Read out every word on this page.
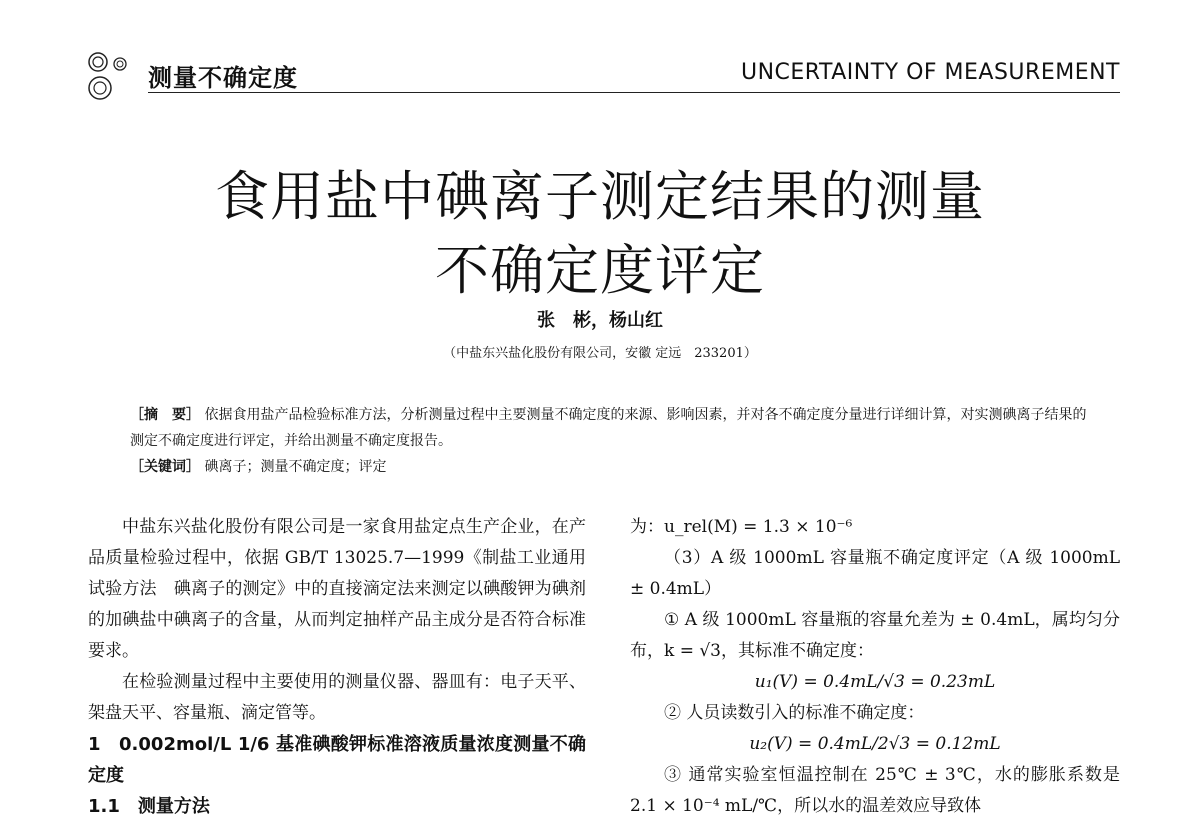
测量不确定度	UNCERTAINTY OF MEASUREMENT
食用盐中碘离子测定结果的测量
不确定度评定
张　彬，杨山红
（中盐东兴盐化股份有限公司，安徽 定远　233201）
［摘　要］ 依据食用盐产品检验标准方法，分析测量过程中主要测量不确定度的来源、影响因素，并对各不确定度分量进行详细计算，对实测碘离子结果的测定不确定度进行评定，并给出测量不确定度报告。
［关键词］ 碘离子；测量不确定度；评定

中盐东兴盐化股份有限公司是一家食用盐定点生产企业，在产品质量检验过程中，依据 GB/T 13025.7—1999《制盐工业通用试验方法　碘离子的测定》中的直接滴定法来测定以碘酸钾为碘剂的加碘盐中碘离子的含量，从而判定抽样产品主成分是否符合标准要求。

在检验测量过程中主要使用的测量仪器、器皿有：电子天平、架盘天平、容量瓶、滴定管等。

1　0.002mol/L 1/6 基准碘酸钾标准溶液质量浓度测量不确定度

1.1　测量方法

为：u_rel(M) = 1.3 × 10⁻⁶

（3）A 级 1000mL 容量瓶不确定度评定（A 级 1000mL ± 0.4mL）

① A 级 1000mL 容量瓶的容量允差为 ± 0.4mL，属均匀分布，k = √3，其标准不确定度：

u₁(V) = 0.4mL/√3 = 0.23mL

② 人员读数引入的标准不确定度：

u₂(V) = 0.4mL/2√3 = 0.12mL

③ 通常实验室恒温控制在 25℃ ± 3℃，水的膨胀系数是 2.1 × 10⁻⁴ mL/℃，所以水的温差效应导致体
